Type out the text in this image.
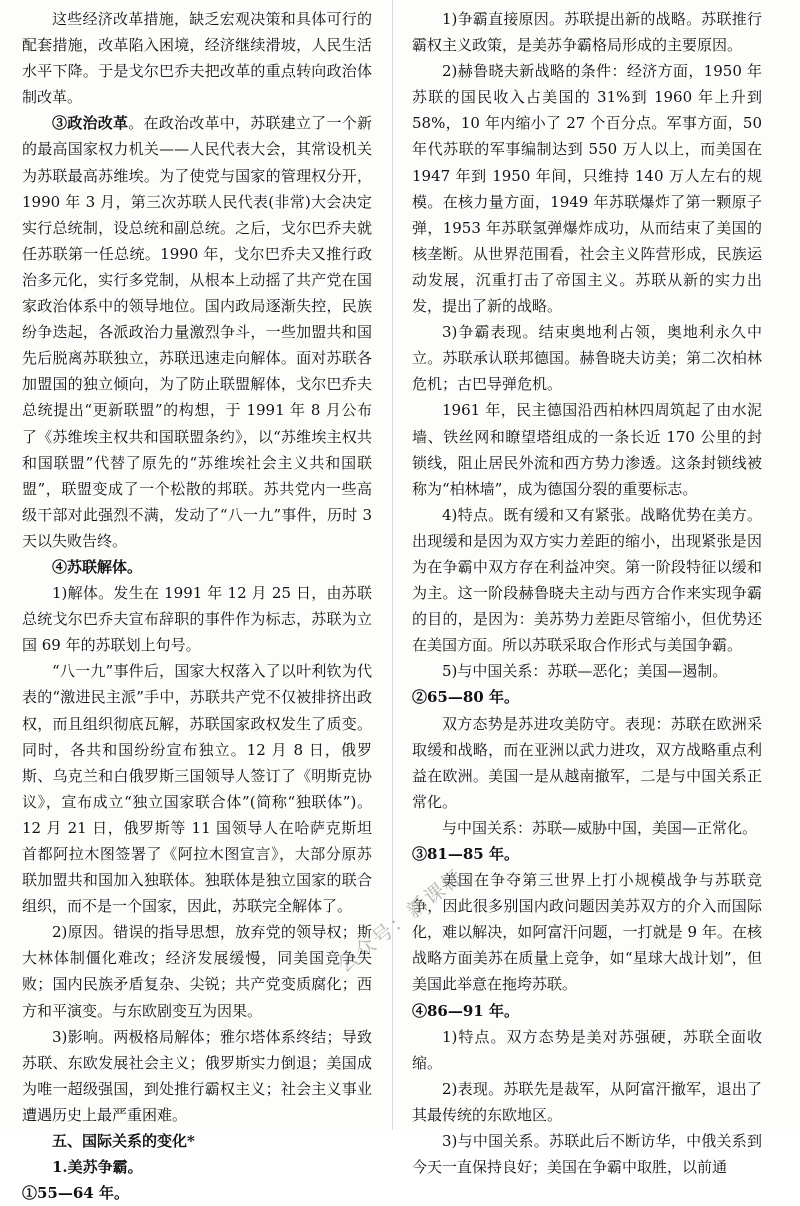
这些经济改革措施，缺乏宏观决策和具体可行的配套措施，改革陷入困境，经济继续滑坡，人民生活水平下降。于是戈尔巴乔夫把改革的重点转向政治体制改革。

③政治改革。在政治改革中，苏联建立了一个新的最高国家权力机关——人民代表大会，其常设机关为苏联最高苏维埃。为了使党与国家的管理权分开，1990 年 3 月，第三次苏联人民代表(非常)大会决定实行总统制，设总统和副总统。之后，戈尔巴乔夫就任苏联第一任总统。1990 年，戈尔巴乔夫又推行政治多元化，实行多党制，从根本上动摇了共产党在国家政治体系中的领导地位。国内政局逐渐失控，民族纷争迭起，各派政治力量激烈争斗，一些加盟共和国先后脱离苏联独立，苏联迅速走向解体。面对苏联各加盟国的独立倾向，为了防止联盟解体，戈尔巴乔夫总统提出“更新联盟”的构想，于 1991 年 8 月公布了《苏维埃主权共和国联盟条约》，以“苏维埃主权共和国联盟”代替了原先的“苏维埃社会主义共和国联盟”，联盟变成了一个松散的邦联。苏共党内一些高级干部对此强烈不满，发动了“八一九”事件，历时 3 天以失败告终。

④苏联解体。

1)解体。发生在 1991 年 12 月 25 日，由苏联总统戈尔巴乔夫宣布辞职的事件作为标志，苏联为立国 69 年的苏联划上句号。

“八一九”事件后，国家大权落入了以叶利钦为代表的“激进民主派”手中，苏联共产党不仅被排挤出政权，而且组织彻底瓦解，苏联国家政权发生了质变。同时，各共和国纷纷宣布独立。12 月 8 日，俄罗斯、乌克兰和白俄罗斯三国领导人签订了《明斯克协议》，宣布成立“独立国家联合体”(简称“独联体”)。12 月 21 日，俄罗斯等 11 国领导人在哈萨克斯坦首都阿拉木图签署了《阿拉木图宣言》，大部分原苏联加盟共和国加入独联体。独联体是独立国家的联合组织，而不是一个国家，因此，苏联完全解体了。

2)原因。错误的指导思想，放弃党的领导权；斯大林体制僵化难改；经济发展缓慢，同美国竞争失败；国内民族矛盾复杂、尖锐；共产党变质腐化；西方和平演变。与东欧剧变互为因果。

3)影响。两极格局解体；雅尔塔体系终结；导致苏联、东欧发展社会主义；俄罗斯实力倒退；美国成为唯一超级强国，到处推行霸权主义；社会主义事业遭遇历史上最严重困难。

五、国际关系的变化*

1.美苏争霸。

①55—64 年。

1)争霸直接原因。苏联提出新的战略。苏联推行霸权主义政策，是美苏争霸格局形成的主要原因。

2)赫鲁晓夫新战略的条件：经济方面，1950 年苏联的国民收入占美国的 31%到 1960 年上升到 58%，10 年内缩小了 27 个百分点。军事方面，50 年代苏联的军事编制达到 550 万人以上，而美国在 1947 年到 1950 年间，只维持 140 万人左右的规模。在核力量方面，1949 年苏联爆炸了第一颗原子弹，1953 年苏联氢弹爆炸成功，从而结束了美国的核垄断。从世界范围看，社会主义阵营形成，民族运动发展，沉重打击了帝国主义。苏联从新的实力出发，提出了新的战略。

3)争霸表现。结束奥地利占领，奥地利永久中立。苏联承认联邦德国。赫鲁晓夫访美；第二次柏林危机；古巴导弹危机。

1961 年，民主德国沿西柏林四周筑起了由水泥墙、铁丝网和瞭望塔组成的一条长近 170 公里的封锁线，阻止居民外流和西方势力渗透。这条封锁线被称为“柏林墙”，成为德国分裂的重要标志。

4)特点。既有缓和又有紧张。战略优势在美方。出现缓和是因为双方实力差距的缩小，出现紧张是因为在争霸中双方存在利益冲突。第一阶段特征以缓和为主。这一阶段赫鲁晓夫主动与西方合作来实现争霸的目的，是因为：美苏势力差距尽管缩小，但优势还在美国方面。所以苏联采取合作形式与美国争霸。

5)与中国关系：苏联—恶化；美国—遏制。

②65—80 年。

双方态势是苏进攻美防守。表现：苏联在欧洲采取缓和战略，而在亚洲以武力进攻，双方战略重点利益在欧洲。美国一是从越南撤军，二是与中国关系正常化。

与中国关系：苏联—威胁中国，美国—正常化。

③81—85 年。

美国在争夺第三世界上打小规模战争与苏联竞争，因此很多别国内政问题因美苏双方的介入而国际化，难以解决，如阿富汗问题，一打就是 9 年。在核战略方面美苏在质量上竞争，如“星球大战计划”，但美国此举意在拖垮苏联。

④86—91 年。

1)特点。双方态势是美对苏强硬，苏联全面收缩。

2)表现。苏联先是裁军，从阿富汗撤军，退出了其最传统的东欧地区。

3)与中国关系。苏联此后不断访华，中俄关系到今天一直保持良好；美国在争霸中取胜，以前通

公众号：新课标
